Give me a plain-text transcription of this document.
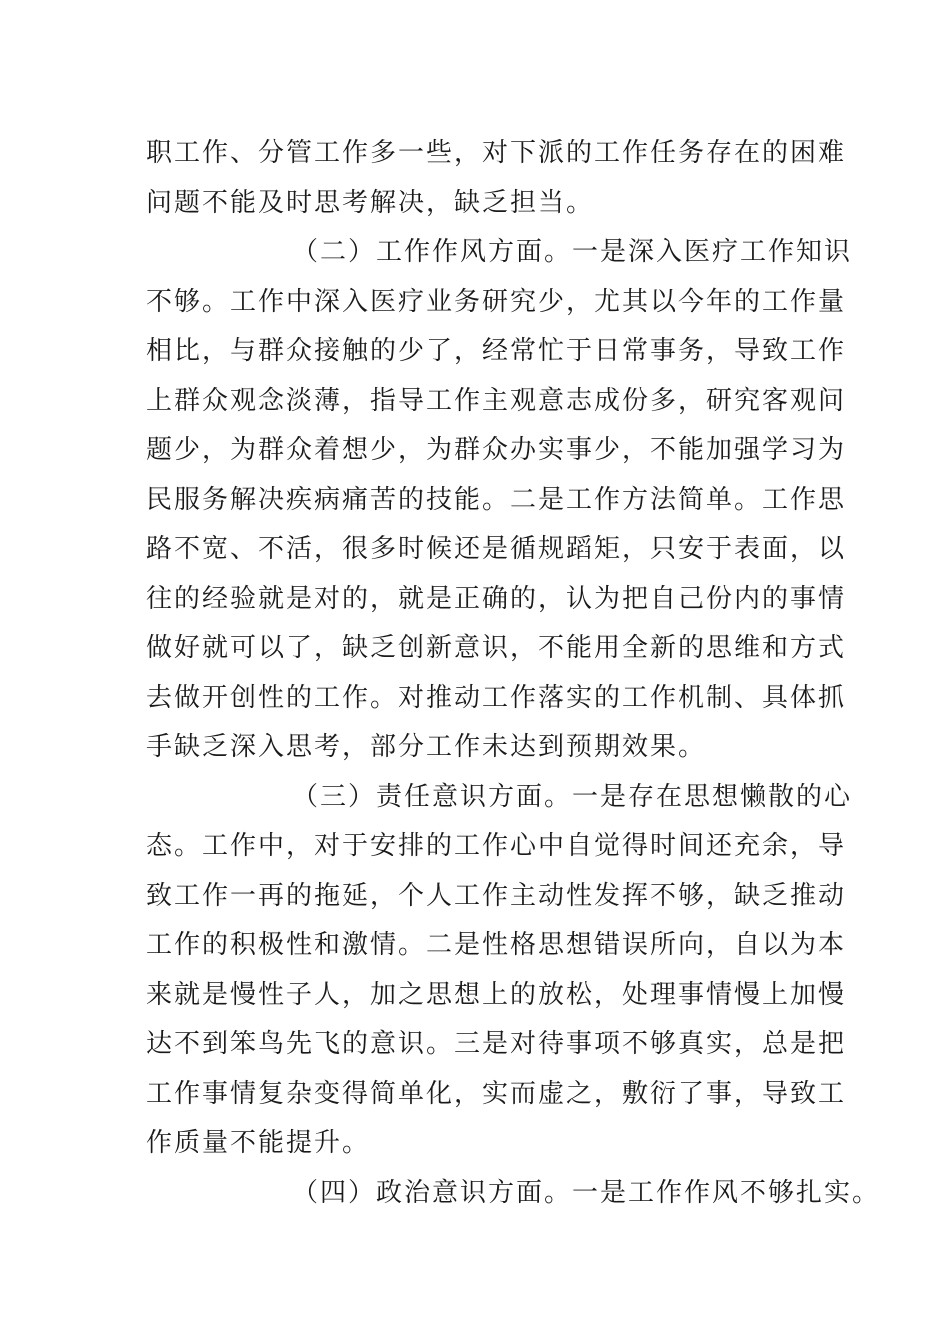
职工作、分管工作多一些，对下派的工作任务存在的困难
问题不能及时思考解决，缺乏担当。
（二）工作作风方面。一是深入医疗工作知识
不够。工作中深入医疗业务研究少，尤其以今年的工作量
相比，与群众接触的少了，经常忙于日常事务，导致工作
上群众观念淡薄，指导工作主观意志成份多，研究客观问
题少，为群众着想少，为群众办实事少，不能加强学习为
民服务解决疾病痛苦的技能。二是工作方法简单。工作思
路不宽、不活，很多时候还是循规蹈矩，只安于表面，以
往的经验就是对的，就是正确的，认为把自己份内的事情
做好就可以了，缺乏创新意识，不能用全新的思维和方式
去做开创性的工作。对推动工作落实的工作机制、具体抓
手缺乏深入思考，部分工作未达到预期效果。
（三）责任意识方面。一是存在思想懒散的心
态。工作中，对于安排的工作心中自觉得时间还充余，导
致工作一再的拖延，个人工作主动性发挥不够，缺乏推动
工作的积极性和激情。二是性格思想错误所向，自以为本
来就是慢性子人，加之思想上的放松，处理事情慢上加慢
达不到笨鸟先飞的意识。三是对待事项不够真实，总是把
工作事情复杂变得简单化，实而虚之，敷衍了事，导致工
作质量不能提升。
（四）政治意识方面。一是工作作风不够扎实。
